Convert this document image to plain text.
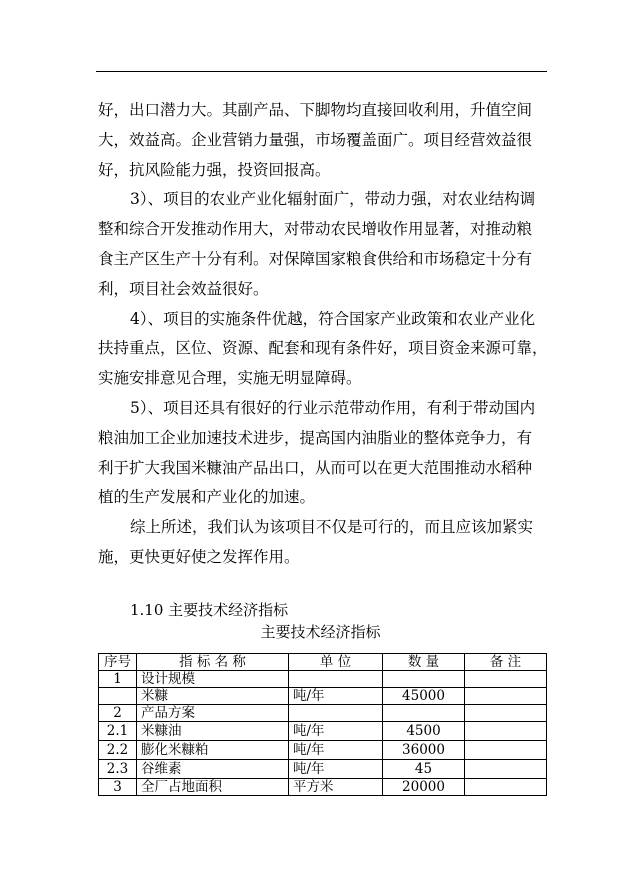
好，出口潜力大。其副产品、下脚物均直接回收利用，升值空间
大，效益高。企业营销力量强，市场覆盖面广。项目经营效益很
好，抗风险能力强，投资回报高。
3）、项目的农业产业化辐射面广，带动力强，对农业结构调
整和综合开发推动作用大，对带动农民增收作用显著，对推动粮
食主产区生产十分有利。对保障国家粮食供给和市场稳定十分有
利，项目社会效益很好。
4）、项目的实施条件优越，符合国家产业政策和农业产业化
扶持重点，区位、资源、配套和现有条件好，项目资金来源可靠，
实施安排意见合理，实施无明显障碍。
5）、项目还具有很好的行业示范带动作用，有利于带动国内
粮油加工企业加速技术进步，提高国内油脂业的整体竞争力，有
利于扩大我国米糠油产品出口，从而可以在更大范围推动水稻种
植的生产发展和产业化的加速。
综上所述，我们认为该项目不仅是可行的，而且应该加紧实
施，更快更好使之发挥作用。
1.10 主要技术经济指标
主要技术经济指标
序号	指 标 名 称	单 位	数 量	备 注
1	设计规模			
	米糠	吨/年	45000	
2	产品方案			
2.1	米糠油	吨/年	4500	
2.2	膨化米糠粕	吨/年	36000	
2.3	谷维素	吨/年	45	
3	全厂占地面积	平方米	20000	
